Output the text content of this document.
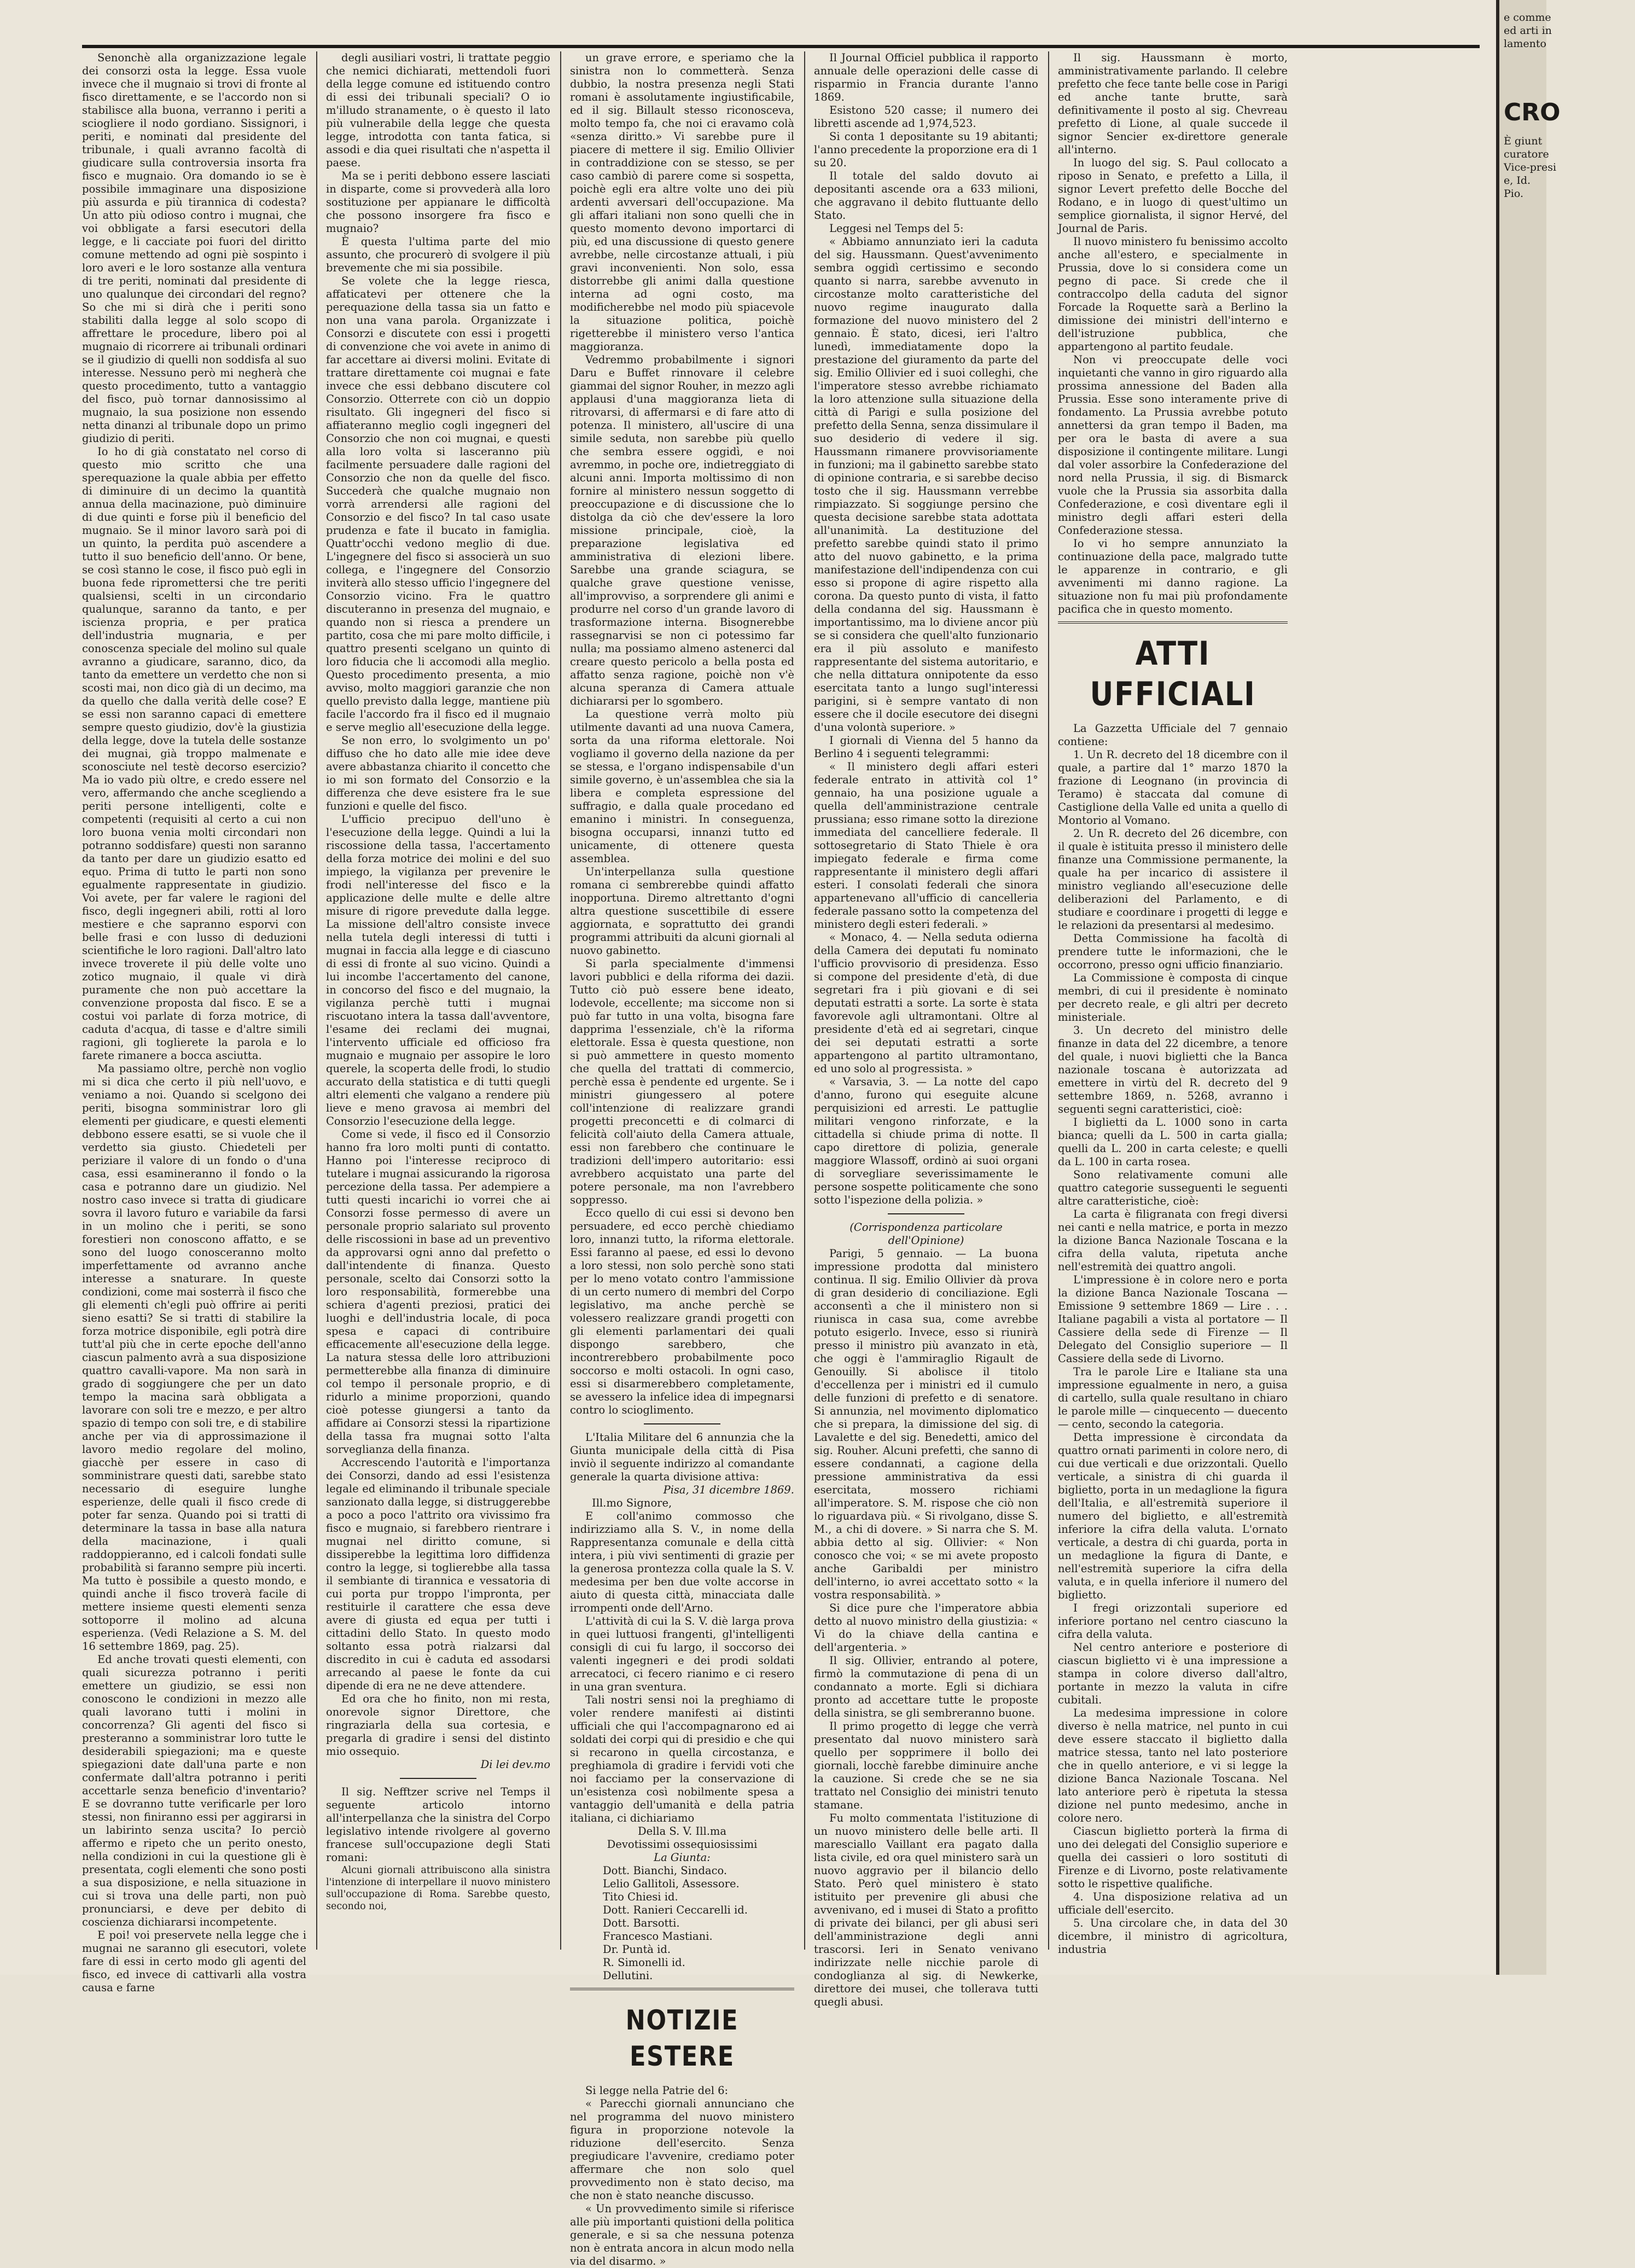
Senonchè alla organizzazione legale dei consorzi osta la legge. Essa vuole invece che il mugnaio si trovi di fronte al fisco direttamente, e se l'accordo non si stabilisce alla buona, verranno i periti a sciogliere il nodo gordiano. Sissignori, i periti, e nominati dal presidente del tribunale, i quali avranno facoltà di giudicare sulla controversia insorta fra fisco e mugnaio. Ora domando io se è possibile immaginare una disposizione più assurda e più tirannica di codesta? Un atto più odioso contro i mugnai, che voi obbligate a farsi esecutori della legge, e li cacciate poi fuori del diritto comune mettendo ad ogni piè sospinto i loro averi e le loro sostanze alla ventura di tre periti, nominati dal presidente di uno qualunque dei circondari del regno? So che mi si dirà che i periti sono stabiliti dalla legge al solo scopo di affrettare le procedure, libero poi al mugnaio di ricorrere ai tribunali ordinari se il giudizio di quelli non soddisfa al suo interesse. Nessuno però mi negherà che questo procedimento, tutto a vantaggio del fisco, può tornar dannosissimo al mugnaio, la sua posizione non essendo netta dinanzi al tribunale dopo un primo giudizio di periti.

Io ho di già constatato nel corso di questo mio scritto che una sperequazione la quale abbia per effetto di diminuire di un decimo la quantità annua della macinazione, può diminuire di due quinti e forse più il beneficio del mugnaio. Se il minor lavoro sarà poi di un quinto, la perdita può ascendere a tutto il suo beneficio dell'anno. Or bene, se così stanno le cose, il fisco può egli in buona fede ripromettersi che tre periti qualsiensi, scelti in un circondario qualunque, saranno da tanto, e per iscienza propria, e per pratica dell'industria mugnaria, e per conoscenza speciale del molino sul quale avranno a giudicare, saranno, dico, da tanto da emettere un verdetto che non si scosti mai, non dico già di un decimo, ma da quello che dalla verità delle cose? E se essi non saranno capaci di emettere sempre questo giudizio, dov'è la giustizia della legge, dove la tutela delle sostanze dei mugnai, già troppo malmenate e sconosciute nel testè decorso esercizio? Ma io vado più oltre, e credo essere nel vero, affermando che anche scegliendo a periti persone intelligenti, colte e competenti (requisiti al certo a cui non loro buona venia molti circondari non potranno soddisfare) questi non saranno da tanto per dare un giudizio esatto ed equo. Prima di tutto le parti non sono egualmente rappresentate in giudizio. Voi avete, per far valere le ragioni del fisco, degli ingegneri abili, rotti al loro mestiere e che sapranno esporvi con belle frasi e con lusso di deduzioni scientifiche le loro ragioni. Dall'altro lato invece troverete il più delle volte uno zotico mugnaio, il quale vi dirà puramente che non può accettare la convenzione proposta dal fisco. E se a costui voi parlate di forza motrice, di caduta d'acqua, di tasse e d'altre simili ragioni, gli toglierete la parola e lo farete rimanere a bocca asciutta.

Ma passiamo oltre, perchè non voglio mi si dica che certo il più nell'uovo, e veniamo a noi. Quando si scelgono dei periti, bisogna somministrar loro gli elementi per giudicare, e questi elementi debbono essere esatti, se si vuole che il verdetto sia giusto. Chiedeteli per periziare il valore di un fondo o d'una casa, essi esamineranno il fondo o la casa e potranno dare un giudizio. Nel nostro caso invece si tratta di giudicare sovra il lavoro futuro e variabile da farsi in un molino che i periti, se sono forestieri non conoscono affatto, e se sono del luogo conosceranno molto imperfettamente od avranno anche interesse a snaturare. In queste condizioni, come mai sosterrà il fisco che gli elementi ch'egli può offrire ai periti sieno esatti? Se si tratti di stabilire la forza motrice disponibile, egli potrà dire tutt'al più che in certe epoche dell'anno ciascun palmento avrà a sua disposizione quattro cavalli-vapore. Ma non sarà in grado di soggiungere che per un dato tempo la macina sarà obbligata a lavorare con soli tre e mezzo, e per altro spazio di tempo con soli tre, e di stabilire anche per via di approssimazione il lavoro medio regolare del molino, giacchè per essere in caso di somministrare questi dati, sarebbe stato necessario di eseguire lunghe esperienze, delle quali il fisco crede di poter far senza. Quando poi si tratti di determinare la tassa in base alla natura della macinazione, i quali raddoppieranno, ed i calcoli fondati sulle probabilità si faranno sempre più incerti. Ma tutto è possibile a questo mondo, e quindi anche il fisco troverà facile di mettere insieme questi elementi senza sottoporre il molino ad alcuna esperienza. (Vedi Relazione a S. M. del 16 settembre 1869, pag. 25).

Ed anche trovati questi elementi, con quali sicurezza potranno i periti emettere un giudizio, se essi non conoscono le condizioni in mezzo alle quali lavorano tutti i molini in concorrenza? Gli agenti del fisco si presteranno a somministrar loro tutte le desiderabili spiegazioni; ma e queste spiegazioni date dall'una parte e non confermate dall'altra potranno i periti accettarle senza beneficio d'inventario? E se dovranno tutte verificarle per loro stessi, non finiranno essi per aggirarsi in un labirinto senza uscita? Io perciò affermo e ripeto che un perito onesto, nella condizioni in cui la questione gli è presentata, cogli elementi che sono posti a sua disposizione, e nella situazione in cui si trova una delle parti, non può pronunciarsi, e deve per debito di coscienza dichiararsi incompetente.

E poi! voi preservete nella legge che i mugnai ne saranno gli esecutori, volete fare di essi in certo modo gli agenti del fisco, ed invece di cattivarli alla vostra causa e farne

degli ausiliari vostri, li trattate peggio che nemici dichiarati, mettendoli fuori della legge comune ed istituendo contro di essi dei tribunali speciali? O io m'illudo stranamente, o è questo il lato più vulnerabile della legge che questa legge, introdotta con tanta fatica, si assodi e dia quei risultati che n'aspetta il paese.

Ma se i periti debbono essere lasciati in disparte, come si provvederà alla loro sostituzione per appianare le difficoltà che possono insorgere fra fisco e mugnaio?

È questa l'ultima parte del mio assunto, che procurerò di svolgere il più brevemente che mi sia possibile.

Se volete che la legge riesca, affaticatevi per ottenere che la perequazione della tassa sia un fatto e non una vana parola. Organizzate i Consorzi e discutete con essi i progetti di convenzione che voi avete in animo di far accettare ai diversi molini. Evitate di trattare direttamente coi mugnai e fate invece che essi debbano discutere col Consorzio. Otterrete con ciò un doppio risultato. Gli ingegneri del fisco si affiateranno meglio cogli ingegneri del Consorzio che non coi mugnai, e questi alla loro volta si lasceranno più facilmente persuadere dalle ragioni del Consorzio che non da quelle del fisco. Succederà che qualche mugnaio non vorrà arrendersi alle ragioni del Consorzio e del fisco? In tal caso usate prudenza e fate il bucato in famiglia. Quattr'occhi vedono meglio di due. L'ingegnere del fisco si associerà un suo collega, e l'ingegnere del Consorzio inviterà allo stesso ufficio l'ingegnere del Consorzio vicino. Fra le quattro discuteranno in presenza del mugnaio, e quando non si riesca a prendere un partito, cosa che mi pare molto difficile, i quattro presenti scelgano un quinto di loro fiducia che li accomodi alla meglio. Questo procedimento presenta, a mio avviso, molto maggiori garanzie che non quello previsto dalla legge, mantiene più facile l'accordo fra il fisco ed il mugnaio e serve meglio all'esecuzione della legge.

Se non erro, lo svolgimento un po' diffuso che ho dato alle mie idee deve avere abbastanza chiarito il concetto che io mi son formato del Consorzio e la differenza che deve esistere fra le sue funzioni e quelle del fisco.

L'ufficio precipuo dell'uno è l'esecuzione della legge. Quindi a lui la riscossione della tassa, l'accertamento della forza motrice dei molini e del suo impiego, la vigilanza per prevenire le frodi nell'interesse del fisco e la applicazione delle multe e delle altre misure di rigore prevedute dalla legge. La missione dell'altro consiste invece nella tutela degli interessi di tutti i mugnai in faccia alla legge e di ciascuno di essi di fronte al suo vicino. Quindi a lui incombe l'accertamento del canone, in concorso del fisco e del mugnaio, la vigilanza perchè tutti i mugnai riscuotano intera la tassa dall'avventore, l'esame dei reclami dei mugnai, l'intervento ufficiale ed officioso fra mugnaio e mugnaio per assopire le loro querele, la scoperta delle frodi, lo studio accurato della statistica e di tutti quegli altri elementi che valgano a rendere più lieve e meno gravosa ai membri del Consorzio l'esecuzione della legge.

Come si vede, il fisco ed il Consorzio hanno fra loro molti punti di contatto. Hanno poi l'interesse reciproco di tutelare i mugnai assicurando la rigorosa percezione della tassa. Per adempiere a tutti questi incarichi io vorrei che ai Consorzi fosse permesso di avere un personale proprio salariato sul provento delle riscossioni in base ad un preventivo da approvarsi ogni anno dal prefetto o dall'intendente di finanza. Questo personale, scelto dai Consorzi sotto la loro responsabilità, formerebbe una schiera d'agenti preziosi, pratici dei luoghi e dell'industria locale, di poca spesa e capaci di contribuire efficacemente all'esecuzione della legge. La natura stessa delle loro attribuzioni permetterebbe alla finanza di diminuire col tempo il personale proprio, e di ridurlo a minime proporzioni, quando cioè potesse giungersi a tanto da affidare ai Consorzi stessi la ripartizione della tassa fra mugnai sotto l'alta sorveglianza della finanza.

Accrescendo l'autorità e l'importanza dei Consorzi, dando ad essi l'esistenza legale ed eliminando il tribunale speciale sanzionato dalla legge, si distruggerebbe a poco a poco l'attrito ora vivissimo fra fisco e mugnaio, si farebbero rientrare i mugnai nel diritto comune, si dissiperebbe la legittima loro diffidenza contro la legge, si toglierebbe alla tassa il sembiante di tirannica e vessatoria di cui porta pur troppo l'impronta, per restituirle il carattere che essa deve avere di giusta ed equa per tutti i cittadini dello Stato. In questo modo soltanto essa potrà rialzarsi dal discredito in cui è caduta ed assodarsi arrecando al paese le fonte da cui dipende di era ne ne deve attendere.

Ed ora che ho finito, non mi resta, onorevole signor Direttore, che ringraziarla della sua cortesia, e pregarla di gradire i sensi del distinto mio ossequio.

Di lei dev.mo

Il sig. Nefftzer scrive nel Temps il seguente articolo intorno all'interpellanza che la sinistra del Corpo legislativo intende rivolgere al governo francese sull'occupazione degli Stati romani:

Alcuni giornali attribuiscono alla sinistra l'intenzione di interpellare il nuovo ministero sull'occupazione di Roma. Sarebbe questo, secondo noi,

un grave errore, e speriamo che la sinistra non lo commetterà. Senza dubbio, la nostra presenza negli Stati romani è assolutamente ingiustificabile, ed il sig. Billault stesso riconosceva, molto tempo fa, che noi ci eravamo colà «senza diritto.» Vi sarebbe pure il piacere di mettere il sig. Emilio Ollivier in contraddizione con se stesso, se per caso cambiò di parere come si sospetta, poichè egli era altre volte uno dei più ardenti avversari dell'occupazione. Ma gli affari italiani non sono quelli che in questo momento devono importarci di più, ed una discussione di questo genere avrebbe, nelle circostanze attuali, i più gravi inconvenienti. Non solo, essa distorrebbe gli animi dalla questione interna ad ogni costo, ma modificherebbe nel modo più spiacevole la situazione politica, poichè rigetterebbe il ministero verso l'antica maggioranza.

Vedremmo probabilmente i signori Daru e Buffet rinnovare il celebre giammai del signor Rouher, in mezzo agli applausi d'una maggioranza lieta di ritrovarsi, di affermarsi e di fare atto di potenza. Il ministero, all'uscire di una simile seduta, non sarebbe più quello che sembra essere oggidì, e noi avremmo, in poche ore, indietreggiato di alcuni anni. Importa moltissimo di non fornire al ministero nessun soggetto di preoccupazione e di discussione che lo distolga da ciò che dev'essere la loro missione principale, cioè, la preparazione legislativa ed amministrativa di elezioni libere. Sarebbe una grande sciagura, se qualche grave questione venisse, all'improvviso, a sorprendere gli animi e produrre nel corso d'un grande lavoro di trasformazione interna. Bisognerebbe rassegnarvisi se non ci potessimo far nulla; ma possiamo almeno astenerci dal creare questo pericolo a bella posta ed affatto senza ragione, poichè non v'è alcuna speranza di Camera attuale dichiararsi per lo sgombero.

La questione verrà molto più utilmente davanti ad una nuova Camera, sorta da una riforma elettorale. Noi vogliamo il governo della nazione da per se stessa, e l'organo indispensabile d'un simile governo, è un'assemblea che sia la libera e completa espressione del suffragio, e dalla quale procedano ed emanino i ministri. In conseguenza, bisogna occuparsi, innanzi tutto ed unicamente, di ottenere questa assemblea.

Un'interpellanza sulla questione romana ci sembrerebbe quindi affatto inopportuna. Diremo altrettanto d'ogni altra questione suscettibile di essere aggiornata, e soprattutto dei grandi programmi attribuiti da alcuni giornali al nuovo gabinetto.

Si parla specialmente d'immensi lavori pubblici e della riforma dei dazii. Tutto ciò può essere bene ideato, lodevole, eccellente; ma siccome non si può far tutto in una volta, bisogna fare dapprima l'essenziale, ch'è la riforma elettorale. Essa è questa questione, non si può ammettere in questo momento che quella del trattati di commercio, perchè essa è pendente ed urgente. Se i ministri giungessero al potere coll'intenzione di realizzare grandi progetti preconcetti e di colmarci di felicità coll'aiuto della Camera attuale, essi non farebbero che continuare le tradizioni dell'impero autoritario: essi avrebbero acquistato una parte del potere personale, ma non l'avrebbero soppresso.

Ecco quello di cui essi si devono ben persuadere, ed ecco perchè chiediamo loro, innanzi tutto, la riforma elettorale. Essi faranno al paese, ed essi lo devono a loro stessi, non solo perchè sono stati per lo meno votato contro l'ammissione di un certo numero di membri del Corpo legislativo, ma anche perchè se volessero realizzare grandi progetti con gli elementi parlamentari dei quali dispongo sarebbero, che incontrerebbero probabilmente poco soccorso e molti ostacoli. In ogni caso, essi si disarmerebbero completamente, se avessero la infelice idea di impegnarsi contro lo scioglimento.

L'Italia Militare del 6 annunzia che la Giunta municipale della città di Pisa inviò il seguente indirizzo al comandante generale la quarta divisione attiva:

Pisa, 31 dicembre 1869.

Ill.mo Signore,

E coll'animo commosso che indirizziamo alla S. V., in nome della Rappresentanza comunale e della città intera, i più vivi sentimenti di grazie per la generosa prontezza colla quale la S. V. medesima per ben due volte accorse in aiuto di questa città, minacciata dalle irrompenti onde dell'Arno.

L'attività di cui la S. V. diè larga prova in quei luttuosi frangenti, gl'intelligenti consigli di cui fu largo, il soccorso dei valenti ingegneri e dei prodi soldati arrecatoci, ci fecero rianimo e ci resero in una gran sventura.

Tali nostri sensi noi la preghiamo di voler rendere manifesti ai distinti ufficiali che qui l'accompagnarono ed ai soldati dei corpi qui di presidio e che qui si recarono in quella circostanza, e preghiamola di gradire i fervidi voti che noi facciamo per la conservazione di un'esistenza così nobilmente spesa a vantaggio dell'umanità e della patria italiana, ci dichiariamo

Della S. V. Ill.ma

Devotissimi ossequiosissimi

La Giunta:

Dott. Bianchi, Sindaco.

Lelio Gallitoli, Assessore.

Tito Chiesi id.

Dott. Ranieri Ceccarelli id.

Dott. Barsotti.

Francesco Mastiani.

Dr. Puntà id.

R. Simonelli id.

Dellutini.

NOTIZIE ESTERE

Si legge nella Patrie del 6:

« Parecchi giornali annunciano che nel programma del nuovo ministero figura in proporzione notevole la riduzione dell'esercito. Senza pregiudicare l'avvenire, crediamo poter affermare che non solo quel provvedimento non è stato deciso, ma che non è stato neanche discusso.

« Un provvedimento simile si riferisce alle più importanti quistioni della politica generale, e si sa che nessuna potenza non è entrata ancora in alcun modo nella via del disarmo. »

Il Journal Officiel pubblica il rapporto annuale delle operazioni delle casse di risparmio in Francia durante l'anno 1869.

Esistono 520 casse; il numero dei libretti ascende ad 1,974,523.

Si conta 1 depositante su 19 abitanti; l'anno precedente la proporzione era di 1 su 20.

Il totale del saldo dovuto ai depositanti ascende ora a 633 milioni, che aggravano il debito fluttuante dello Stato.

Leggesi nel Temps del 5:

« Abbiamo annunziato ieri la caduta del sig. Haussmann. Quest'avvenimento sembra oggidì certissimo e secondo quanto si narra, sarebbe avvenuto in circostanze molto caratteristiche del nuovo regime inaugurato dalla formazione del nuovo ministero del 2 gennaio. È stato, dicesi, ieri l'altro lunedì, immediatamente dopo la prestazione del giuramento da parte del sig. Emilio Ollivier ed i suoi colleghi, che l'imperatore stesso avrebbe richiamato la loro attenzione sulla situazione della città di Parigi e sulla posizione del prefetto della Senna, senza dissimulare il suo desiderio di vedere il sig. Haussmann rimanere provvisoriamente in funzioni; ma il gabinetto sarebbe stato di opinione contraria, e si sarebbe deciso tosto che il sig. Haussmann verrebbe rimpiazzato. Si soggiunge persino che questa decisione sarebbe stata adottata all'unanimità. La destituzione del prefetto sarebbe quindi stato il primo atto del nuovo gabinetto, e la prima manifestazione dell'indipendenza con cui esso si propone di agire rispetto alla corona. Da questo punto di vista, il fatto della condanna del sig. Haussmann è importantissimo, ma lo diviene ancor più se si considera che quell'alto funzionario era il più assoluto e manifesto rappresentante del sistema autoritario, e che nella dittatura onnipotente da esso esercitata tanto a lungo sugl'interessi parigini, si è sempre vantato di non essere che il docile esecutore dei disegni d'una volontà superiore. »

I giornali di Vienna del 5 hanno da Berlino 4 i seguenti telegrammi:

« Il ministero degli affari esteri federale entrato in attività col 1° gennaio, ha una posizione uguale a quella dell'amministrazione centrale prussiana; esso rimane sotto la direzione immediata del cancelliere federale. Il sottosegretario di Stato Thiele è ora impiegato federale e firma come rappresentante il ministero degli affari esteri. I consolati federali che sinora appartenevano all'ufficio di cancelleria federale passano sotto la competenza del ministero degli esteri federali. »

« Monaco, 4. — Nella seduta odierna della Camera dei deputati fu nominato l'ufficio provvisorio di presidenza. Esso si compone del presidente d'età, di due segretari fra i più giovani e di sei deputati estratti a sorte. La sorte è stata favorevole agli ultramontani. Oltre al presidente d'età ed ai segretari, cinque dei sei deputati estratti a sorte appartengono al partito ultramontano, ed uno solo al progressista. »

« Varsavia, 3. — La notte del capo d'anno, furono qui eseguite alcune perquisizioni ed arresti. Le pattuglie militari vengono rinforzate, e la cittadella si chiude prima di notte. Il capo direttore di polizia, generale maggiore Wlassoff, ordinò ai suoi organi di sorvegliare severissimamente le persone sospette politicamente che sono sotto l'ispezione della polizia. »

(Corrispondenza particolare dell'Opinione)

Parigi, 5 gennaio. — La buona impressione prodotta dal ministero continua. Il sig. Emilio Ollivier dà prova di gran desiderio di conciliazione. Egli acconsentì a che il ministero non si riunisca in casa sua, come avrebbe potuto esigerlo. Invece, esso si riunirà presso il ministro più avanzato in età, che oggi è l'ammiraglio Rigault de Genouilly. Si abolisce il titolo d'eccellenza per i ministri ed il cumulo delle funzioni di prefetto e di senatore. Si annunzia, nel movimento diplomatico che si prepara, la dimissione del sig. di Lavalette e del sig. Benedetti, amico del sig. Rouher. Alcuni prefetti, che sanno di essere condannati, a cagione della pressione amministrativa da essi esercitata, mossero richiami all'imperatore. S. M. rispose che ciò non lo riguardava più. « Si rivolgano, disse S. M., a chi di dovere. » Si narra che S. M. abbia detto al sig. Ollivier: « Non conosco che voi; « se mi avete proposto anche Garibaldi per ministro dell'interno, io avrei accettato sotto « la vostra responsabilità. »

Si dice pure che l'imperatore abbia detto al nuovo ministro della giustizia: « Vi do la chiave della cantina e dell'argenteria. »

Il sig. Ollivier, entrando al potere, firmò la commutazione di pena di un condannato a morte. Egli si dichiara pronto ad accettare tutte le proposte della sinistra, se gli sembreranno buone.

Il primo progetto di legge che verrà presentato dal nuovo ministero sarà quello per sopprimere il bollo dei giornali, locchè farebbe diminuire anche la cauzione. Si crede che se ne sia trattato nel Consiglio dei ministri tenuto stamane.

Fu molto commentata l'istituzione di un nuovo ministero delle belle arti. Il maresciallo Vaillant era pagato dalla lista civile, ed ora quel ministero sarà un nuovo aggravio per il bilancio dello Stato. Però quel ministero è stato istituito per prevenire gli abusi che avvenivano, ed i musei di Stato a profitto di private dei bilanci, per gli abusi seri dell'amministrazione degli anni trascorsi. Ieri in Senato venivano indirizzate nelle nicchie parole di condoglianza al sig. di Newkerke, direttore dei musei, che tollerava tutti quegli abusi.

Il sig. Haussmann è morto, amministrativamente parlando. Il celebre prefetto che fece tante belle cose in Parigi ed anche tante brutte, sarà definitivamente il posto al sig. Chevreau prefetto di Lione, al quale succede il signor Sencier ex-direttore generale all'interno.

In luogo del sig. S. Paul collocato a riposo in Senato, e prefetto a Lilla, il signor Levert prefetto delle Bocche del Rodano, e in luogo di quest'ultimo un semplice giornalista, il signor Hervé, del Journal de Paris.

Il nuovo ministero fu benissimo accolto anche all'estero, e specialmente in Prussia, dove lo si considera come un pegno di pace. Si crede che il contraccolpo della caduta del signor Forcade la Roquette sarà a Berlino la dimissione dei ministri dell'interno e dell'istruzione pubblica, che appartengono al partito feudale.

Non vi preoccupate delle voci inquietanti che vanno in giro riguardo alla prossima annessione del Baden alla Prussia. Esse sono interamente prive di fondamento. La Prussia avrebbe potuto annettersi da gran tempo il Baden, ma per ora le basta di avere a sua disposizione il contingente militare. Lungi dal voler assorbire la Confederazione del nord nella Prussia, il sig. di Bismarck vuole che la Prussia sia assorbita dalla Confederazione, e così diventare egli il ministro degli affari esteri della Confederazione stessa.

Io vi ho sempre annunziato la continuazione della pace, malgrado tutte le apparenze in contrario, e gli avvenimenti mi danno ragione. La situazione non fu mai più profondamente pacifica che in questo momento.

ATTI UFFICIALI

La Gazzetta Ufficiale del 7 gennaio contiene:

1. Un R. decreto del 18 dicembre con il quale, a partire dal 1° marzo 1870 la frazione di Leognano (in provincia di Teramo) è staccata dal comune di Castiglione della Valle ed unita a quello di Montorio al Vomano.

2. Un R. decreto del 26 dicembre, con il quale è istituita presso il ministero delle finanze una Commissione permanente, la quale ha per incarico di assistere il ministro vegliando all'esecuzione delle deliberazioni del Parlamento, e di studiare e coordinare i progetti di legge e le relazioni da presentarsi al medesimo.

Detta Commissione ha facoltà di prendere tutte le informazioni, che le occorrono, presso ogni ufficio finanziario.

La Commissione è composta di cinque membri, di cui il presidente è nominato per decreto reale, e gli altri per decreto ministeriale.

3. Un decreto del ministro delle finanze in data del 22 dicembre, a tenore del quale, i nuovi biglietti che la Banca nazionale toscana è autorizzata ad emettere in virtù del R. decreto del 9 settembre 1869, n. 5268, avranno i seguenti segni caratteristici, cioè:

I biglietti da L. 1000 sono in carta bianca; quelli da L. 500 in carta gialla; quelli da L. 200 in carta celeste; e quelli da L. 100 in carta rosea.

Sono relativamente comuni alle quattro categorie susseguenti le seguenti altre caratteristiche, cioè:

La carta è filigranata con fregi diversi nei canti e nella matrice, e porta in mezzo la dizione Banca Nazionale Toscana e la cifra della valuta, ripetuta anche nell'estremità dei quattro angoli.

L'impressione è in colore nero e porta la dizione Banca Nazionale Toscana — Emissione 9 settembre 1869 — Lire . . . Italiane pagabili a vista al portatore — Il Cassiere della sede di Firenze — Il Delegato del Consiglio superiore — Il Cassiere della sede di Livorno.

Tra le parole Lire e Italiane sta una impressione egualmente in nero, a guisa di cartello, sulla quale resultano in chiaro le parole mille — cinquecento — duecento — cento, secondo la categoria.

Detta impressione è circondata da quattro ornati parimenti in colore nero, di cui due verticali e due orizzontali. Quello verticale, a sinistra di chi guarda il biglietto, porta in un medaglione la figura dell'Italia, e all'estremità superiore il numero del biglietto, e all'estremità inferiore la cifra della valuta. L'ornato verticale, a destra di chi guarda, porta in un medaglione la figura di Dante, e nell'estremità superiore la cifra della valuta, e in quella inferiore il numero del biglietto.

I fregi orizzontali superiore ed inferiore portano nel centro ciascuno la cifra della valuta.

Nel centro anteriore e posteriore di ciascun biglietto vi è una impressione a stampa in colore diverso dall'altro, portante in mezzo la valuta in cifre cubitali.

La medesima impressione in colore diverso è nella matrice, nel punto in cui deve essere staccato il biglietto dalla matrice stessa, tanto nel lato posteriore che in quello anteriore, e vi si legge la dizione Banca Nazionale Toscana. Nel lato anteriore però è ripetuta la stessa dizione nel punto medesimo, anche in colore nero.

Ciascun biglietto porterà la firma di uno dei delegati del Consiglio superiore e quella dei cassieri o loro sostituti di Firenze e di Livorno, poste relativamente sotto le rispettive qualifiche.

4. Una disposizione relativa ad un ufficiale dell'esercito.

5. Una circolare che, in data del 30 dicembre, il ministro di agricoltura, industria

e comme
ed arti in
lamento
CRO
È giunt
curatore
Vice-presi
e, Id.
Pio.
